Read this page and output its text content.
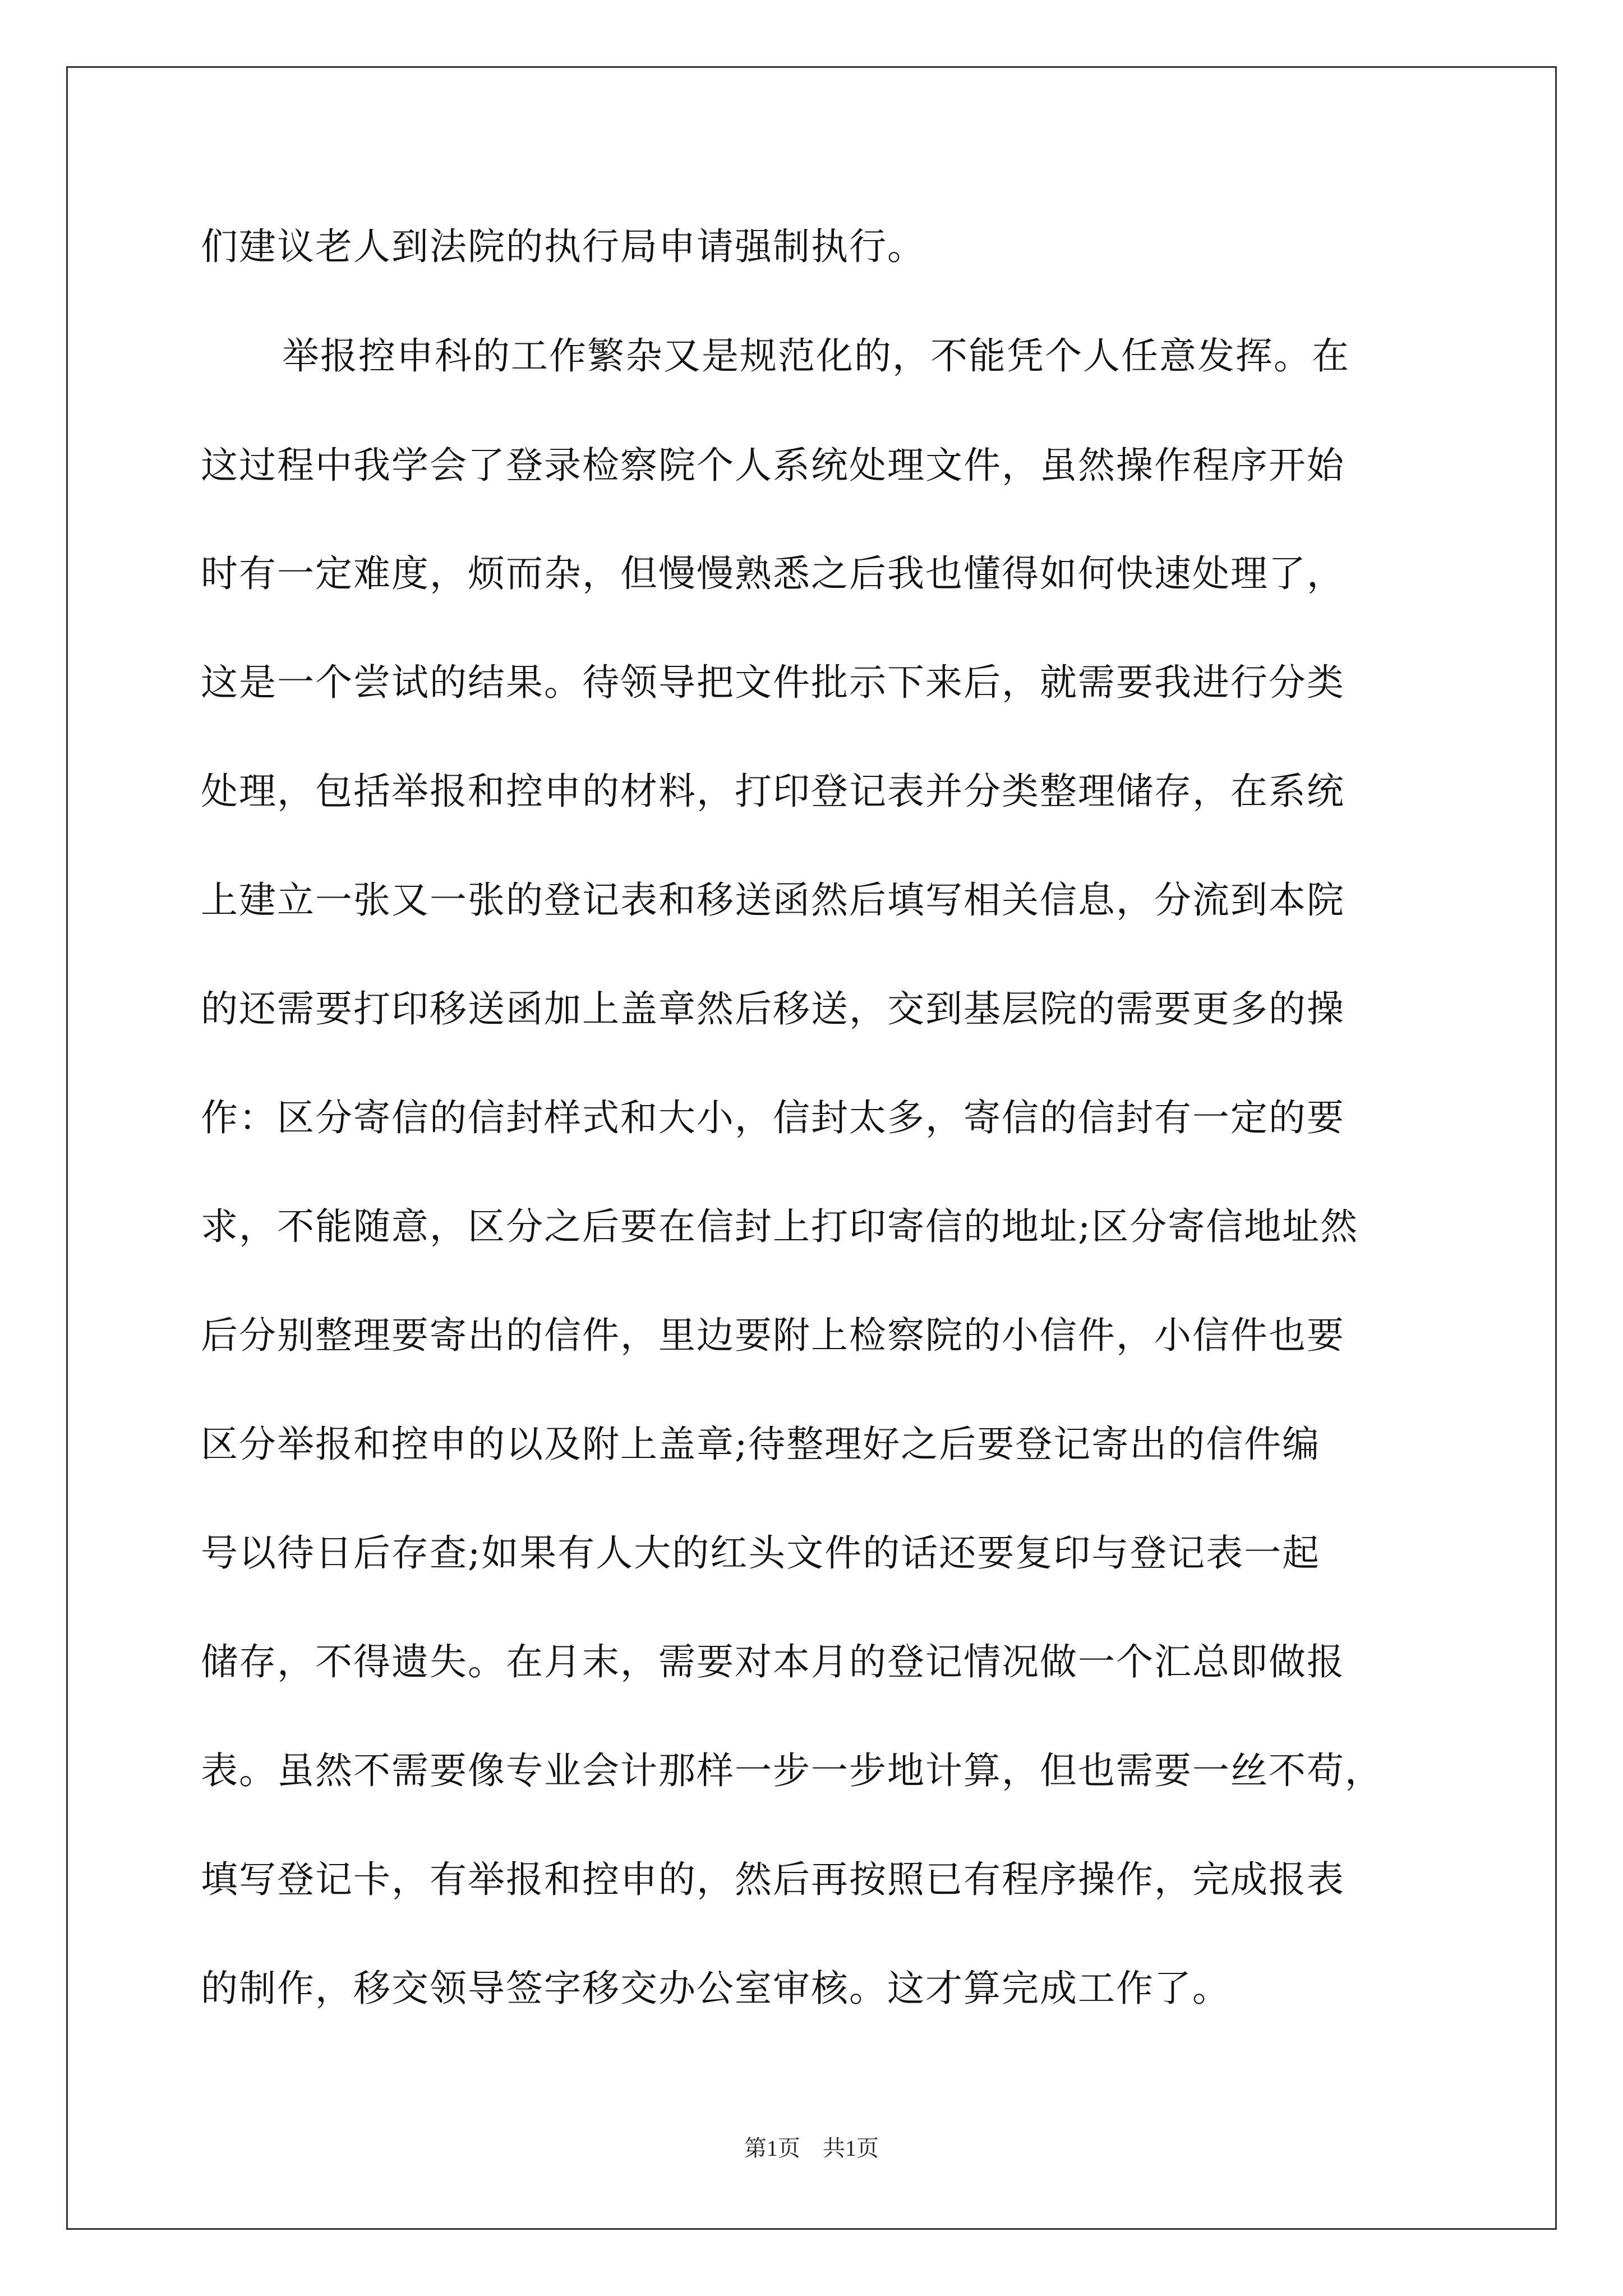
们建议老人到法院的执行局申请强制执行。
举报控申科的工作繁杂又是规范化的，不能凭个人任意发挥。在
这过程中我学会了登录检察院个人系统处理文件，虽然操作程序开始
时有一定难度，烦而杂，但慢慢熟悉之后我也懂得如何快速处理了，
这是一个尝试的结果。待领导把文件批示下来后，就需要我进行分类
处理，包括举报和控申的材料，打印登记表并分类整理储存，在系统
上建立一张又一张的登记表和移送函然后填写相关信息，分流到本院
的还需要打印移送函加上盖章然后移送，交到基层院的需要更多的操
作：区分寄信的信封样式和大小，信封太多，寄信的信封有一定的要
求，不能随意，区分之后要在信封上打印寄信的地址;区分寄信地址然
后分别整理要寄出的信件，里边要附上检察院的小信件，小信件也要
区分举报和控申的以及附上盖章;待整理好之后要登记寄出的信件编
号以待日后存查;如果有人大的红头文件的话还要复印与登记表一起
储存，不得遗失。在月末，需要对本月的登记情况做一个汇总即做报
表。虽然不需要像专业会计那样一步一步地计算，但也需要一丝不苟，
填写登记卡，有举报和控申的，然后再按照已有程序操作，完成报表
的制作，移交领导签字移交办公室审核。这才算完成工作了。
第1页　共1页
